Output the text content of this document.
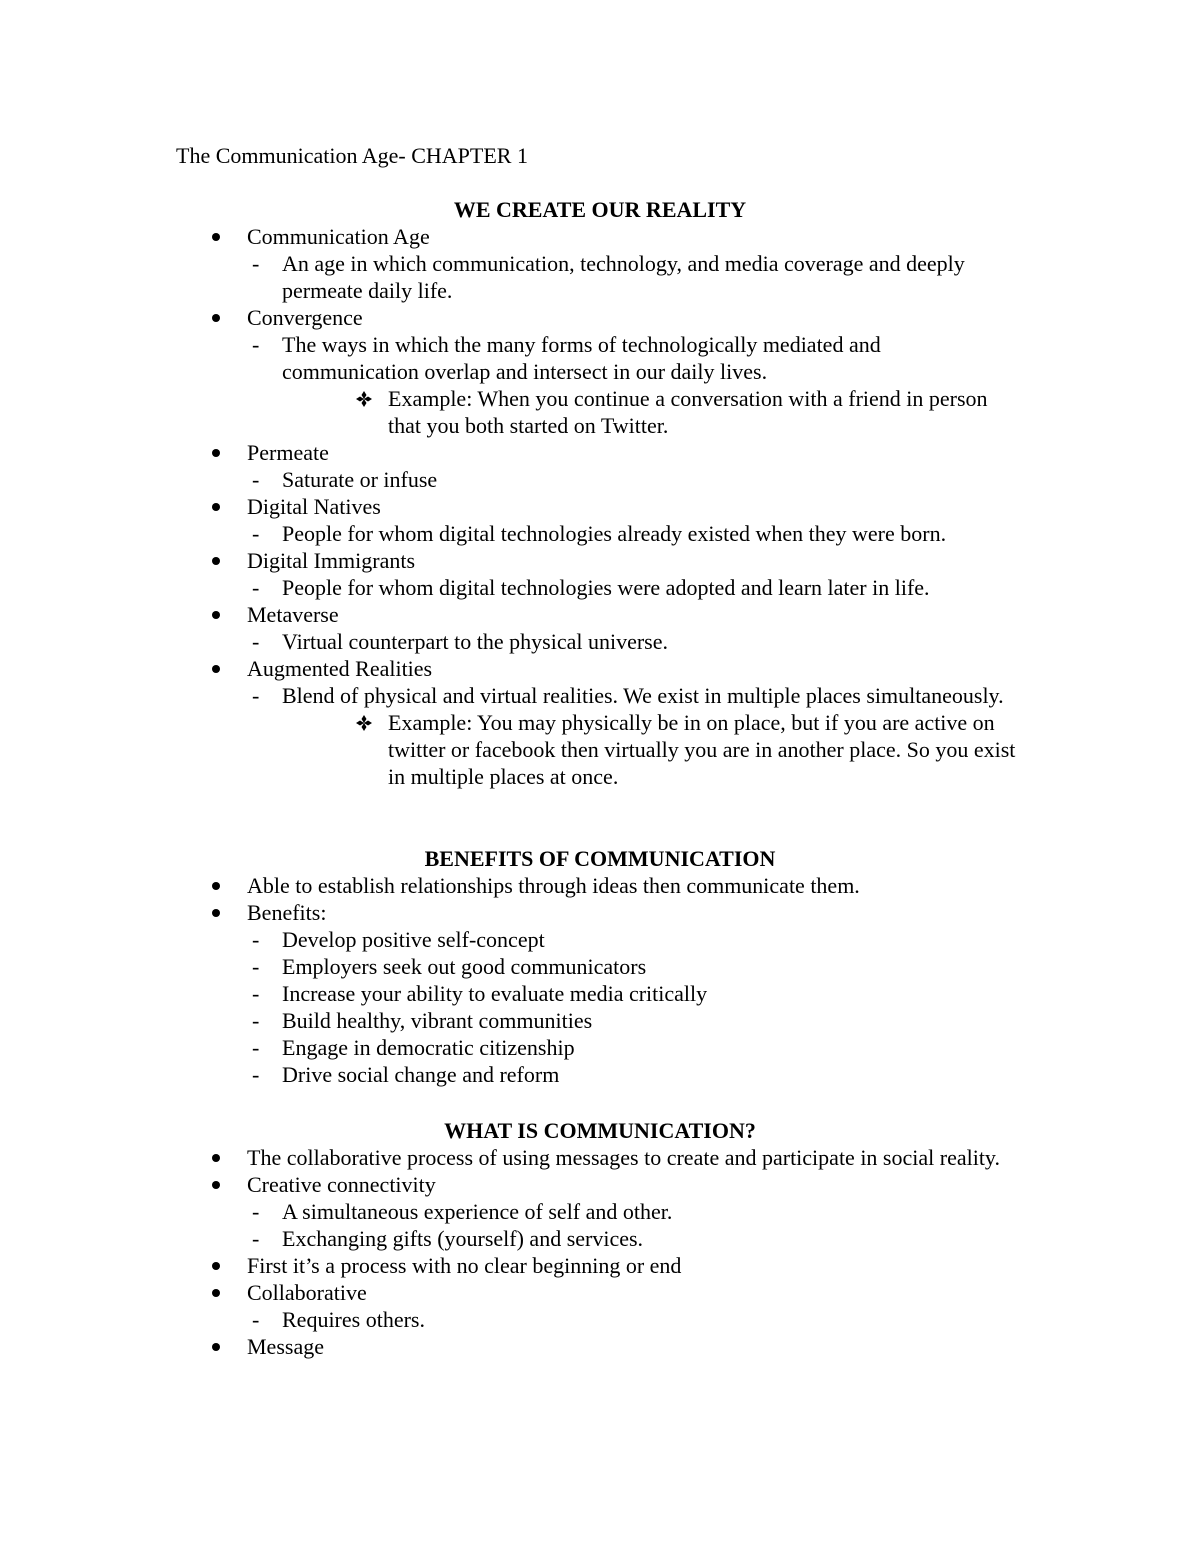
The Communication Age- CHAPTER 1
WE CREATE OUR REALITY
Communication Age
- An age in which communication, technology, and media coverage and deeply permeate daily life.
Convergence
- The ways in which the many forms of technologically mediated and communication overlap and intersect in our daily lives.
Example: When you continue a conversation with a friend in person that you both started on Twitter.
Permeate
- Saturate or infuse
Digital Natives
- People for whom digital technologies already existed when they were born.
Digital Immigrants
- People for whom digital technologies were adopted and learn later in life.
Metaverse
- Virtual counterpart to the physical universe.
Augmented Realities
- Blend of physical and virtual realities. We exist in multiple places simultaneously.
Example: You may physically be in on place, but if you are active on twitter or facebook then virtually you are in another place. So you exist in multiple places at once.
BENEFITS OF COMMUNICATION
Able to establish relationships through ideas then communicate them.
Benefits:
- Develop positive self-concept
- Employers seek out good communicators
- Increase your ability to evaluate media critically
- Build healthy, vibrant communities
- Engage in democratic citizenship
- Drive social change and reform
WHAT IS COMMUNICATION?
The collaborative process of using messages to create and participate in social reality.
Creative connectivity
- A simultaneous experience of self and other.
- Exchanging gifts (yourself) and services.
First it’s a process with no clear beginning or end
Collaborative
- Requires others.
Message
